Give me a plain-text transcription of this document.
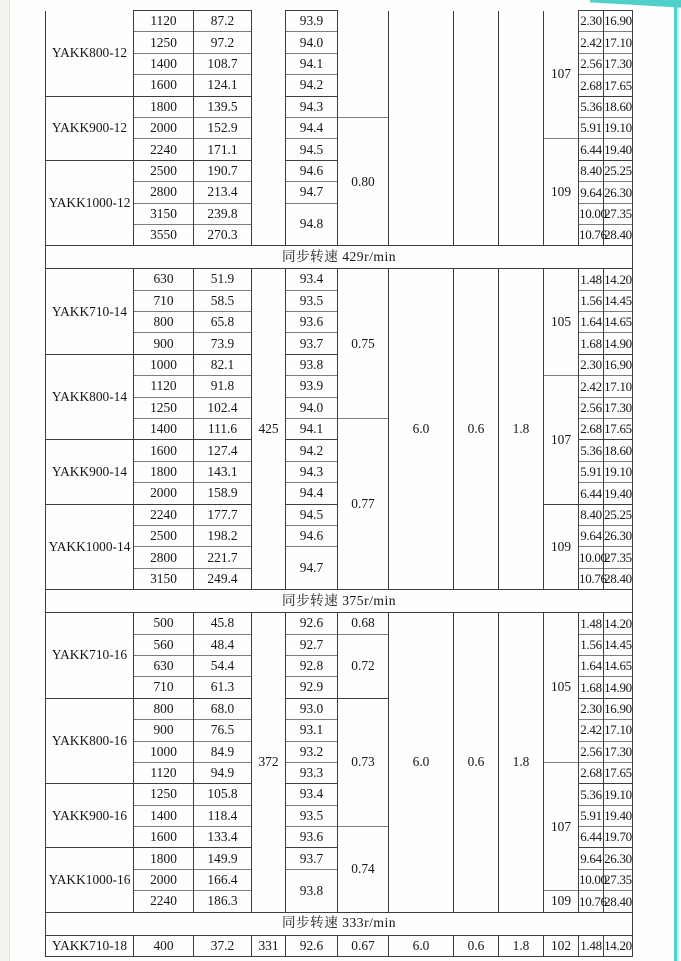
YAKK800-12	1120	87.2		93.9					107	2.30	16.90
	1250	97.2		94.0						2.42	17.10
	1400	108.7		94.1						2.56	17.30
	1600	124.1		94.2						2.68	17.65
YAKK900-12	1800	139.5		94.3						5.36	18.60
	2000	152.9		94.4	0.80					5.91	19.10
	2240	171.1		94.5					109	6.44	19.40
YAKK1000-12	2500	190.7		94.6						8.40	25.25
	2800	213.4		94.7						9.64	26.30
	3150	239.8		94.8						10.00	27.35
	3550	270.3								10.76	28.40
同步转速 429r/min											
YAKK710-14	630	51.9	425	93.4	0.75	6.0	0.6	1.8	105	1.48	14.20
	710	58.5		93.5						1.56	14.45
	800	65.8		93.6						1.64	14.65
	900	73.9		93.7						1.68	14.90
YAKK800-14	1000	82.1		93.8						2.30	16.90
	1120	91.8		93.9					107	2.42	17.10
	1250	102.4		94.0						2.56	17.30
	1400	111.6		94.1	0.77					2.68	17.65
YAKK900-14	1600	127.4		94.2						5.36	18.60
	1800	143.1		94.3						5.91	19.10
	2000	158.9		94.4						6.44	19.40
YAKK1000-14	2240	177.7		94.5					109	8.40	25.25
	2500	198.2		94.6						9.64	26.30
	2800	221.7		94.7						10.00	27.35
	3150	249.4								10.76	28.40
同步转速 375r/min											
YAKK710-16	500	45.8	372	92.6	0.68	6.0	0.6	1.8	105	1.48	14.20
	560	48.4		92.7	0.72					1.56	14.45
	630	54.4		92.8						1.64	14.65
	710	61.3		92.9						1.68	14.90
YAKK800-16	800	68.0		93.0	0.73					2.30	16.90
	900	76.5		93.1						2.42	17.10
	1000	84.9		93.2						2.56	17.30
	1120	94.9		93.3					107	2.68	17.65
YAKK900-16	1250	105.8		93.4						5.36	19.10
	1400	118.4		93.5						5.91	19.40
	1600	133.4		93.6	0.74					6.44	19.70
YAKK1000-16	1800	149.9		93.7						9.64	26.30
	2000	166.4		93.8						10.00	27.35
	2240	186.3							109	10.76	28.40
同步转速 333r/min											
YAKK710-18	400	37.2	331	92.6	0.67	6.0	0.6	1.8	102	1.48	14.20
